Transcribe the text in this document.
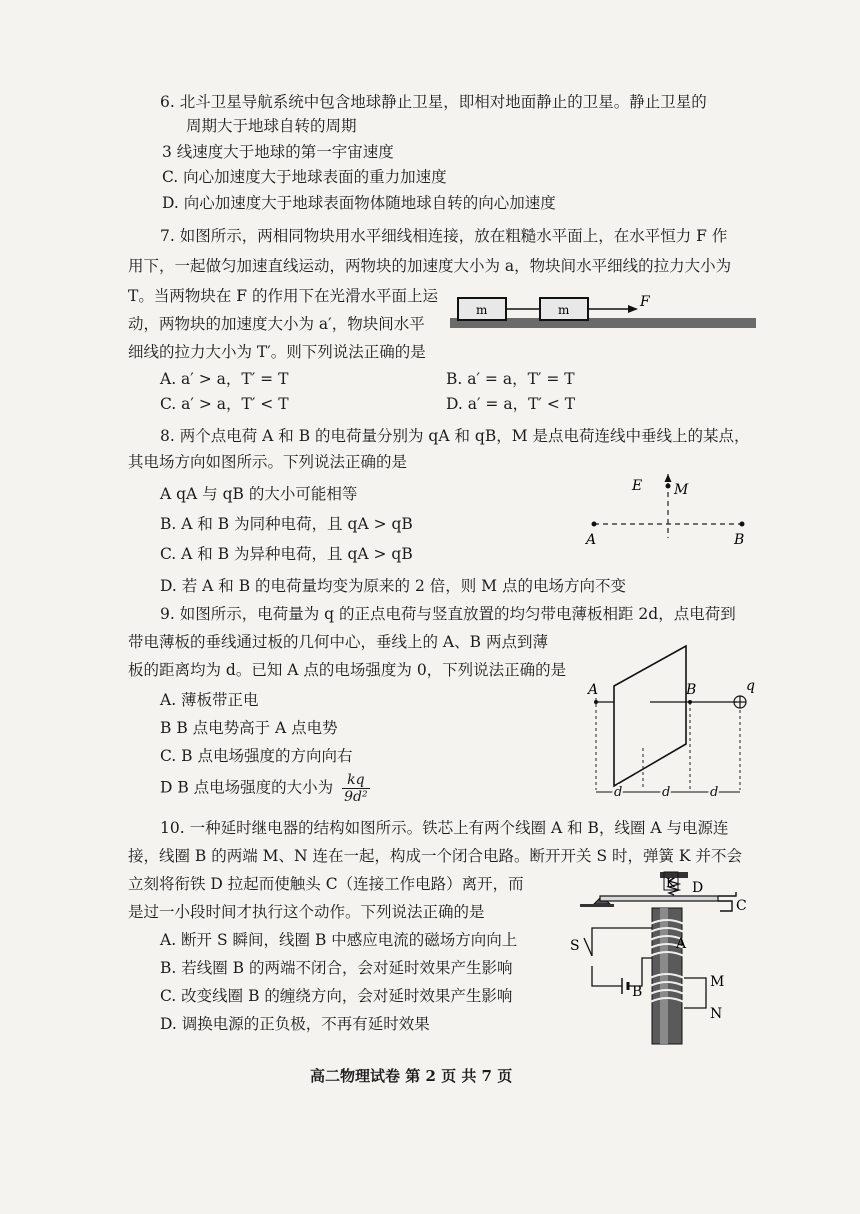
6. 北斗卫星导航系统中包含地球静止卫星，即相对地面静止的卫星。静止卫星的
周期大于地球自转的周期
3 线速度大于地球的第一宇宙速度
C. 向心加速度大于地球表面的重力加速度
D. 向心加速度大于地球表面物体随地球自转的向心加速度
7. 如图所示，两相同物块用水平细线相连接，放在粗糙水平面上，在水平恒力 F 作
用下，一起做匀加速直线运动，两物块的加速度大小为 a，物块间水平细线的拉力大小为
T。当两物块在 F 的作用下在光滑水平面上运
动，两物块的加速度大小为 a′，物块间水平
细线的拉力大小为 T′。则下列说法正确的是
A. a′ > a，T′ = T	B. a′ = a，T′ = T
C. a′ > a，T′ < T	D. a′ = a，T′ < T
m	m	F
8. 两个点电荷 A 和 B 的电荷量分别为 qA 和 qB，M 是点电荷连线中垂线上的某点，
其电场方向如图所示。下列说法正确的是
A qA 与 qB 的大小可能相等
B. A 和 B 为同种电荷，且 qA > qB
C. A 和 B 为异种电荷，且 qA > qB
D. 若 A 和 B 的电荷量均变为原来的 2 倍，则 M 点的电场方向不变
E M
A	B
9. 如图所示，电荷量为 q 的正点电荷与竖直放置的均匀带电薄板相距 2d，点电荷到
带电薄板的垂线通过板的几何中心，垂线上的 A、B 两点到薄
板的距离均为 d。已知 A 点的电场强度为 0，下列说法正确的是
A. 薄板带正电
B B 点电势高于 A 点电势
C. B 点电场强度的方向向右
D B 点电场强度的大小为 $\frac{kq}{\text{9d²}}$
A	B	q
d	d	d
10. 一种延时继电器的结构如图所示。铁芯上有两个线圈 A 和 B，线圈 A 与电源连
接，线圈 B 的两端 M、N 连在一起，构成一个闭合电路。断开开关 S 时，弹簧 K 并不会
立刻将衔铁 D 拉起而使触头 C（连接工作电路）离开，而
是过一小段时间才执行这个动作。下列说法正确的是
A. 断开 S 瞬间，线圈 B 中感应电流的磁场方向向上
B. 若线圈 B 的两端不闭合，会对延时效果产生影响
C. 改变线圈 B 的缠绕方向，会对延时效果产生影响
D. 调换电源的正负极，不再有延时效果
K D
C
A
B
S
M
N
高二物理试卷 第 2 页 共 7 页
